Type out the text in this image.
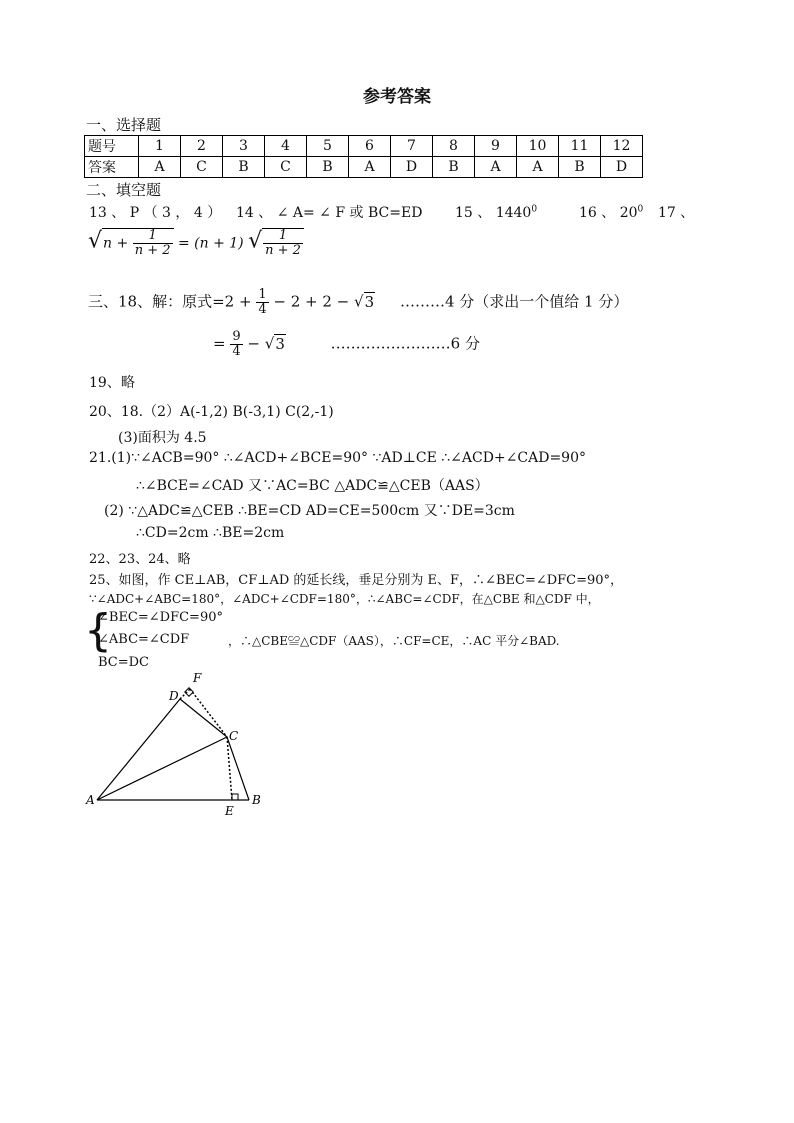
参考答案
一、选择题
题号	1	2	3	4	5	6	7	8	9	10	11	12
答案	A	C	B	C	B	A	D	B	A	A	B	D
二、填空题
13 、 P （ 3 ， 4 ） 14 、 ∠ A= ∠ F 或 BC=ED 15 、 1440$^0$	16 、 $20^0$ 17 、
$√n + \frac{1}{n + 2} = (n + 1)$ √ $\frac{1}{n + 2}$
三、18、解：原式$=2 + \frac{1}{4} - 2 + 2 - √3$ ………4 分（求出一个值给 1 分）
= $\frac{9}{4} - √3$	……………………6 分
19、略
20、18.（2）A(-1,2) B(-3,1) C(2,-1)
(3)面积为 4.5
21.(1)∵∠ACB=90° ∴∠ACD+∠BCE=90° ∵AD⊥CE ∴∠ACD+∠CAD=90°
∴∠BCE=∠CAD 又∵AC=BC △ADC≌△CEB（AAS）
(2) ∵△ADC≌△CEB ∴BE=CD AD=CE=500cm 又∵DE=3cm
∴CD=2cm ∴BE=2cm
22、23、24、略
25、如图，作 CE⊥AB，CF⊥AD 的延长线，垂足分别为 E、F，∴∠BEC=∠DFC=90°，
∵∠ADC+∠ABC=180°，∠ADC+∠CDF=180°，∴∠ABC=∠CDF，在△CBE 和△CDF 中，
{
∠BEC=∠DFC=90°
∠ABC=∠CDF
BC=DC
，∴△CBE≌△CDF（AAS），∴CF=CE，∴AC 平分∠BAD.
A	B
C
D
E
F
